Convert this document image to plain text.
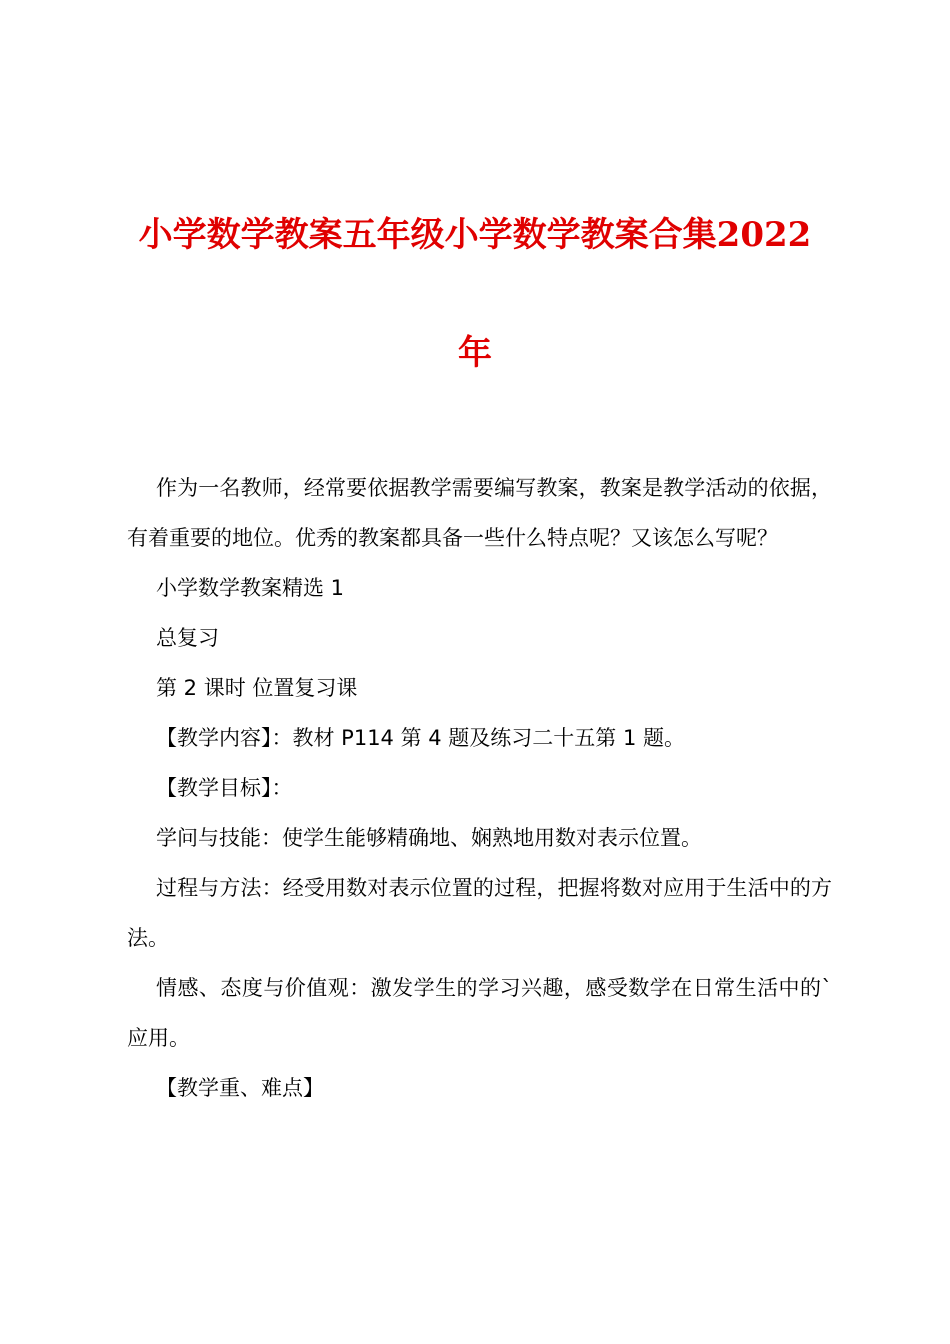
小学数学教案五年级小学数学教案合集2022
年

作为一名教师，经常要依据教学需要编写教案，教案是教学活动的依据，有着重要的地位。优秀的教案都具备一些什么特点呢？又该怎么写呢？

小学数学教案精选 1

总复习

第 2 课时 位置复习课

【教学内容】：教材 P114 第 4 题及练习二十五第 1 题。

【教学目标】：

学问与技能：使学生能够精确地、娴熟地用数对表示位置。

过程与方法：经受用数对表示位置的过程，把握将数对应用于生活中的方法。

情感、态度与价值观：激发学生的学习兴趣，感受数学在日常生活中的`应用。

【教学重、难点】
